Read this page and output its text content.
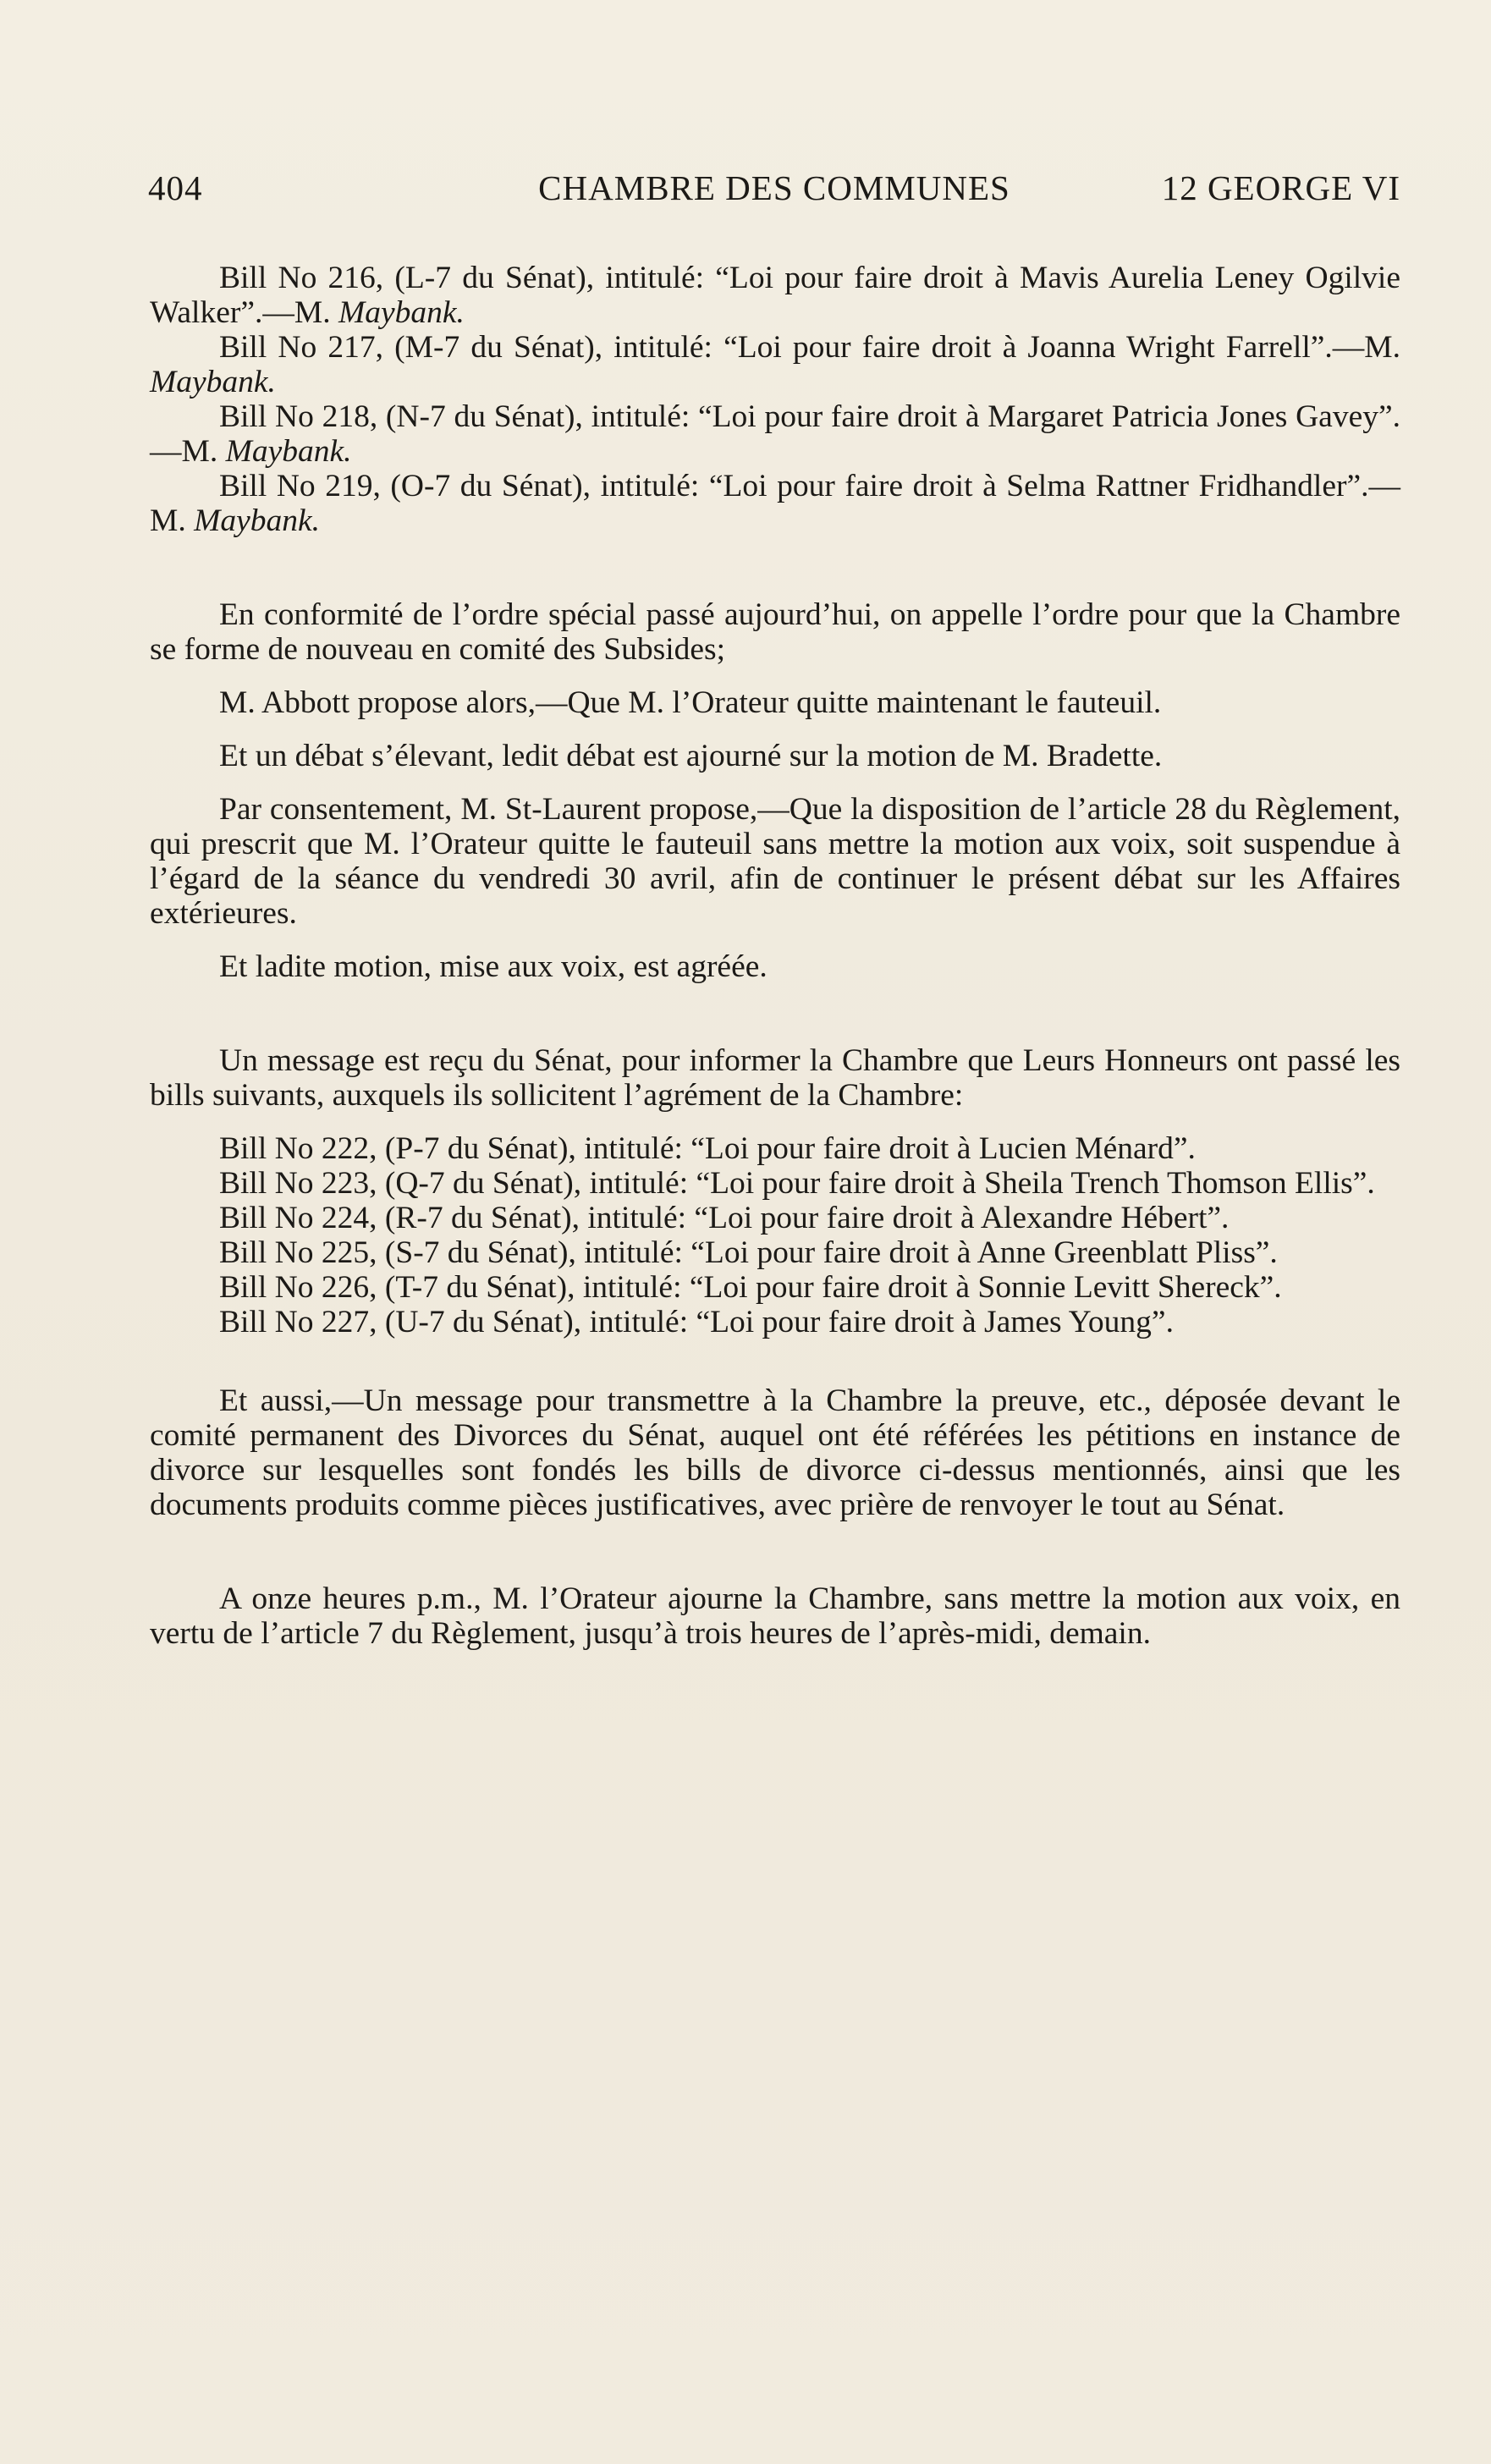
404	CHAMBRE DES COMMUNES	12 GEORGE VI

Bill No 216, (L-7 du Sénat), intitulé: “Loi pour faire droit à Mavis Aurelia Leney Ogilvie Walker”.—M. Maybank.

Bill No 217, (M-7 du Sénat), intitulé: “Loi pour faire droit à Joanna Wright Farrell”.—M. Maybank.

Bill No 218, (N-7 du Sénat), intitulé: “Loi pour faire droit à Margaret Patricia Jones Gavey”.—M. Maybank.

Bill No 219, (O-7 du Sénat), intitulé: “Loi pour faire droit à Selma Rattner Fridhandler”.—M. Maybank.

En conformité de l’ordre spécial passé aujourd’hui, on appelle l’ordre pour que la Chambre se forme de nouveau en comité des Subsides;

M. Abbott propose alors,—Que M. l’Orateur quitte maintenant le fauteuil.

Et un débat s’élevant, ledit débat est ajourné sur la motion de M. Bradette.

Par consentement, M. St-Laurent propose,—Que la disposition de l’article 28 du Règlement, qui prescrit que M. l’Orateur quitte le fauteuil sans mettre la motion aux voix, soit suspendue à l’égard de la séance du vendredi 30 avril, afin de continuer le présent débat sur les Affaires extérieures.

Et ladite motion, mise aux voix, est agréée.

Un message est reçu du Sénat, pour informer la Chambre que Leurs Honneurs ont passé les bills suivants, auxquels ils sollicitent l’agrément de la Chambre:

Bill No 222, (P-7 du Sénat), intitulé: “Loi pour faire droit à Lucien Ménard”.

Bill No 223, (Q-7 du Sénat), intitulé: “Loi pour faire droit à Sheila Trench Thomson Ellis”.

Bill No 224, (R-7 du Sénat), intitulé: “Loi pour faire droit à Alexandre Hébert”.

Bill No 225, (S-7 du Sénat), intitulé: “Loi pour faire droit à Anne Greenblatt Pliss”.

Bill No 226, (T-7 du Sénat), intitulé: “Loi pour faire droit à Sonnie Levitt Shereck”.

Bill No 227, (U-7 du Sénat), intitulé: “Loi pour faire droit à James Young”.

Et aussi,—Un message pour transmettre à la Chambre la preuve, etc., déposée devant le comité permanent des Divorces du Sénat, auquel ont été référées les pétitions en instance de divorce sur lesquelles sont fondés les bills de divorce ci-dessus mentionnés, ainsi que les documents produits comme pièces justificatives, avec prière de renvoyer le tout au Sénat.

A onze heures p.m., M. l’Orateur ajourne la Chambre, sans mettre la motion aux voix, en vertu de l’article 7 du Règlement, jusqu’à trois heures de l’après-midi, demain.
